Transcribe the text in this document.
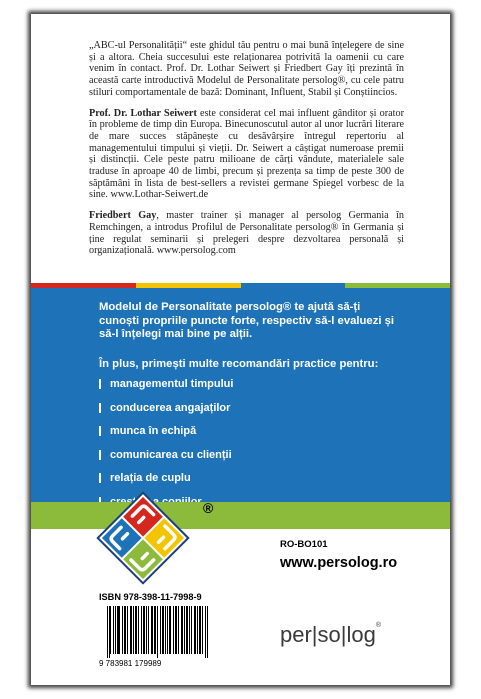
„ABC-ul Personalității“ este ghidul tău pentru o mai bună înțelegere de sine și a altora. Cheia succesului este relaționarea potrivită la oamenii cu care venim în contact. Prof. Dr. Lothar Seiwert și Friedbert Gay îți prezintă în această carte introductivă Modelul de Personalitate persolog®, cu cele patru stiluri comportamentale de bază: Dominant, Influent, Stabil și Conștiincios.

Prof. Dr. Lothar Seiwert este considerat cel mai influent gânditor și orator în probleme de timp din Europa. Binecunoscutul autor al unor lucrări literare de mare succes stăpânește cu desăvârșire întregul repertoriu al managementului timpului și vieții. Dr. Seiwert a câștigat numeroase premii și distincții. Cele peste patru milioane de cărți vândute, materialele sale traduse în aproape 40 de limbi, precum și prezența sa timp de peste 300 de săptămâni în lista de best-sellers a revistei germane Spiegel vorbesc de la sine. www.Lothar-Seiwert.de

Friedbert Gay, master trainer și manager al persolog Germania în Remchingen, a introdus Profilul de Personalitate persolog® în Germania și ține regulat seminarii și prelegeri despre dezvoltarea personală și organizațională. www.persolog.com

Modelul de Personalitate persolog® te ajută să-ți cunoști propriile puncte forte, respectiv să-l evaluezi și să-l înțelegi mai bine pe alții.
În plus, primești multe recomandări practice pentru:
managementul timpului
conducerea angajaților
munca în echipă
comunicarea cu clienții
relația de cuplu
®
RO-BO101
www.persolog.ro
ISBN 978-398-11-7998-9
9 783981 179989
per|so|log®
